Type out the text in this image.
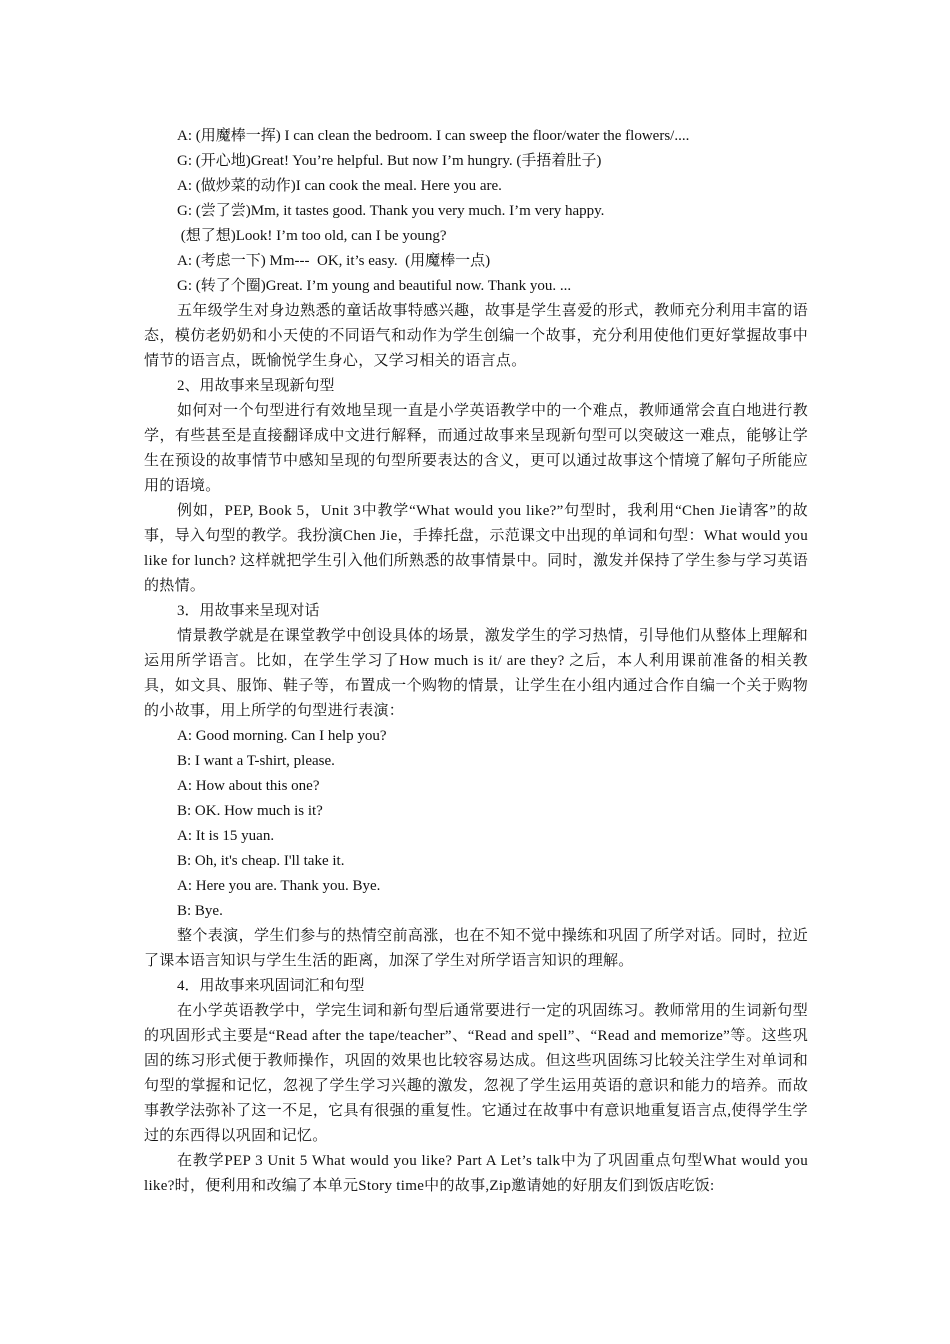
A: (用魔棒一挥) I can clean the bedroom. I can sweep the floor/water the flowers/....

G: (开心地)Great! You’re helpful. But now I’m hungry. (手捂着肚子)

A: (做炒菜的动作)I can cook the meal. Here you are.

G: (尝了尝)Mm, it tastes good. Thank you very much. I’m very happy.

(想了想)Look! I’m too old, can I be young?

A: (考虑一下) Mm---  OK, it’s easy.  (用魔棒一点)

G: (转了个圈)Great. I’m young and beautiful now. Thank you. ...

五年级学生对身边熟悉的童话故事特感兴趣，故事是学生喜爱的形式，教师充分利用丰富的语态，模仿老奶奶和小天使的不同语气和动作为学生创编一个故事，充分利用使他们更好掌握故事中情节的语言点，既愉悦学生身心，又学习相关的语言点。

2、用故事来呈现新句型

如何对一个句型进行有效地呈现一直是小学英语教学中的一个难点，教师通常会直白地进行教学，有些甚至是直接翻译成中文进行解释，而通过故事来呈现新句型可以突破这一难点，能够让学生在预设的故事情节中感知呈现的句型所要表达的含义，更可以通过故事这个情境了解句子所能应用的语境。

例如，PEP, Book 5，Unit 3中教学“What would you like?”句型时，我利用“Chen Jie请客”的故事，导入句型的教学。我扮演Chen Jie，手捧托盘，示范课文中出现的单词和句型：What would you like for lunch? 这样就把学生引入他们所熟悉的故事情景中。同时，激发并保持了学生参与学习英语的热情。

3．用故事来呈现对话

情景教学就是在课堂教学中创设具体的场景，激发学生的学习热情，引导他们从整体上理解和运用所学语言。比如，在学生学习了How much is it/ are they? 之后，本人利用课前准备的相关教具，如文具、服饰、鞋子等，布置成一个购物的情景，让学生在小组内通过合作自编一个关于购物的小故事，用上所学的句型进行表演：

A: Good morning. Can I help you?

B: I want a T-shirt, please.

A: How about this one?

B: OK. How much is it?

A: It is 15 yuan.

B: Oh, it's cheap. I'll take it.

A: Here you are. Thank you. Bye.

B: Bye.

整个表演，学生们参与的热情空前高涨，也在不知不觉中操练和巩固了所学对话。同时，拉近了课本语言知识与学生生活的距离，加深了学生对所学语言知识的理解。

4．用故事来巩固词汇和句型

在小学英语教学中，学完生词和新句型后通常要进行一定的巩固练习。教师常用的生词新句型的巩固形式主要是“Read after the tape/teacher”、“Read and spell”、“Read and memorize”等。这些巩固的练习形式便于教师操作，巩固的效果也比较容易达成。但这些巩固练习比较关注学生对单词和句型的掌握和记忆，忽视了学生学习兴趣的激发，忽视了学生运用英语的意识和能力的培养。而故事教学法弥补了这一不足，它具有很强的重复性。它通过在故事中有意识地重复语言点,使得学生学过的东西得以巩固和记忆。

在教学PEP 3 Unit 5 What would you like? Part A Let’s talk中为了巩固重点句型What would you like?时，便利用和改编了本单元Story time中的故事,Zip邀请她的好朋友们到饭店吃饭:
